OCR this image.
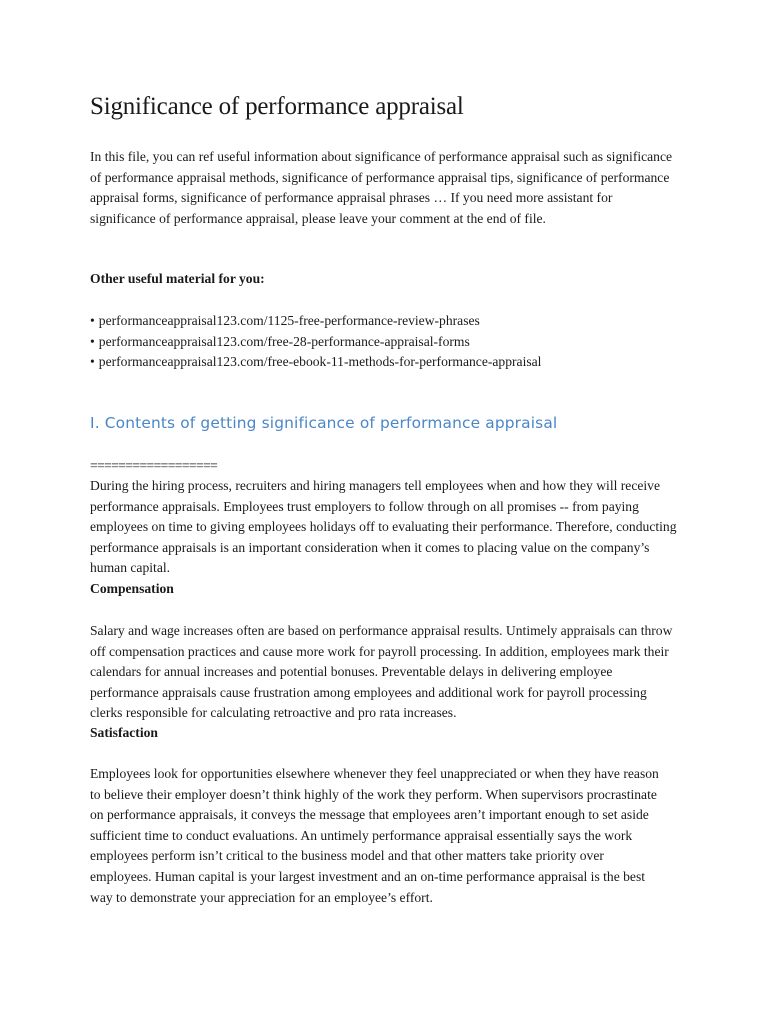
Significance of performance appraisal

In this file, you can ref useful information about significance of performance appraisal such as significance of performance appraisal methods, significance of performance appraisal tips, significance of performance appraisal forms, significance of performance appraisal phrases … If you need more assistant for significance of performance appraisal, please leave your comment at the end of file.

Other useful material for you:

• performanceappraisal123.com/1125-free-performance-review-phrases
• performanceappraisal123.com/free-28-performance-appraisal-forms
• performanceappraisal123.com/free-ebook-11-methods-for-performance-appraisal
I. Contents of getting significance of performance appraisal

==================

During the hiring process, recruiters and hiring managers tell employees when and how they will receive performance appraisals. Employees trust employers to follow through on all promises -- from paying employees on time to giving employees holidays off to evaluating their performance. Therefore, conducting performance appraisals is an important consideration when it comes to placing value on the company’s human capital.

Compensation

Salary and wage increases often are based on performance appraisal results. Untimely appraisals can throw off compensation practices and cause more work for payroll processing. In addition, employees mark their calendars for annual increases and potential bonuses. Preventable delays in delivering employee performance appraisals cause frustration among employees and additional work for payroll processing clerks responsible for calculating retroactive and pro rata increases.

Satisfaction

Employees look for opportunities elsewhere whenever they feel unappreciated or when they have reason to believe their employer doesn’t think highly of the work they perform. When supervisors procrastinate on performance appraisals, it conveys the message that employees aren’t important enough to set aside sufficient time to conduct evaluations. An untimely performance appraisal essentially says the work employees perform isn’t critical to the business model and that other matters take priority over employees. Human capital is your largest investment and an on-time performance appraisal is the best way to demonstrate your appreciation for an employee’s effort.
